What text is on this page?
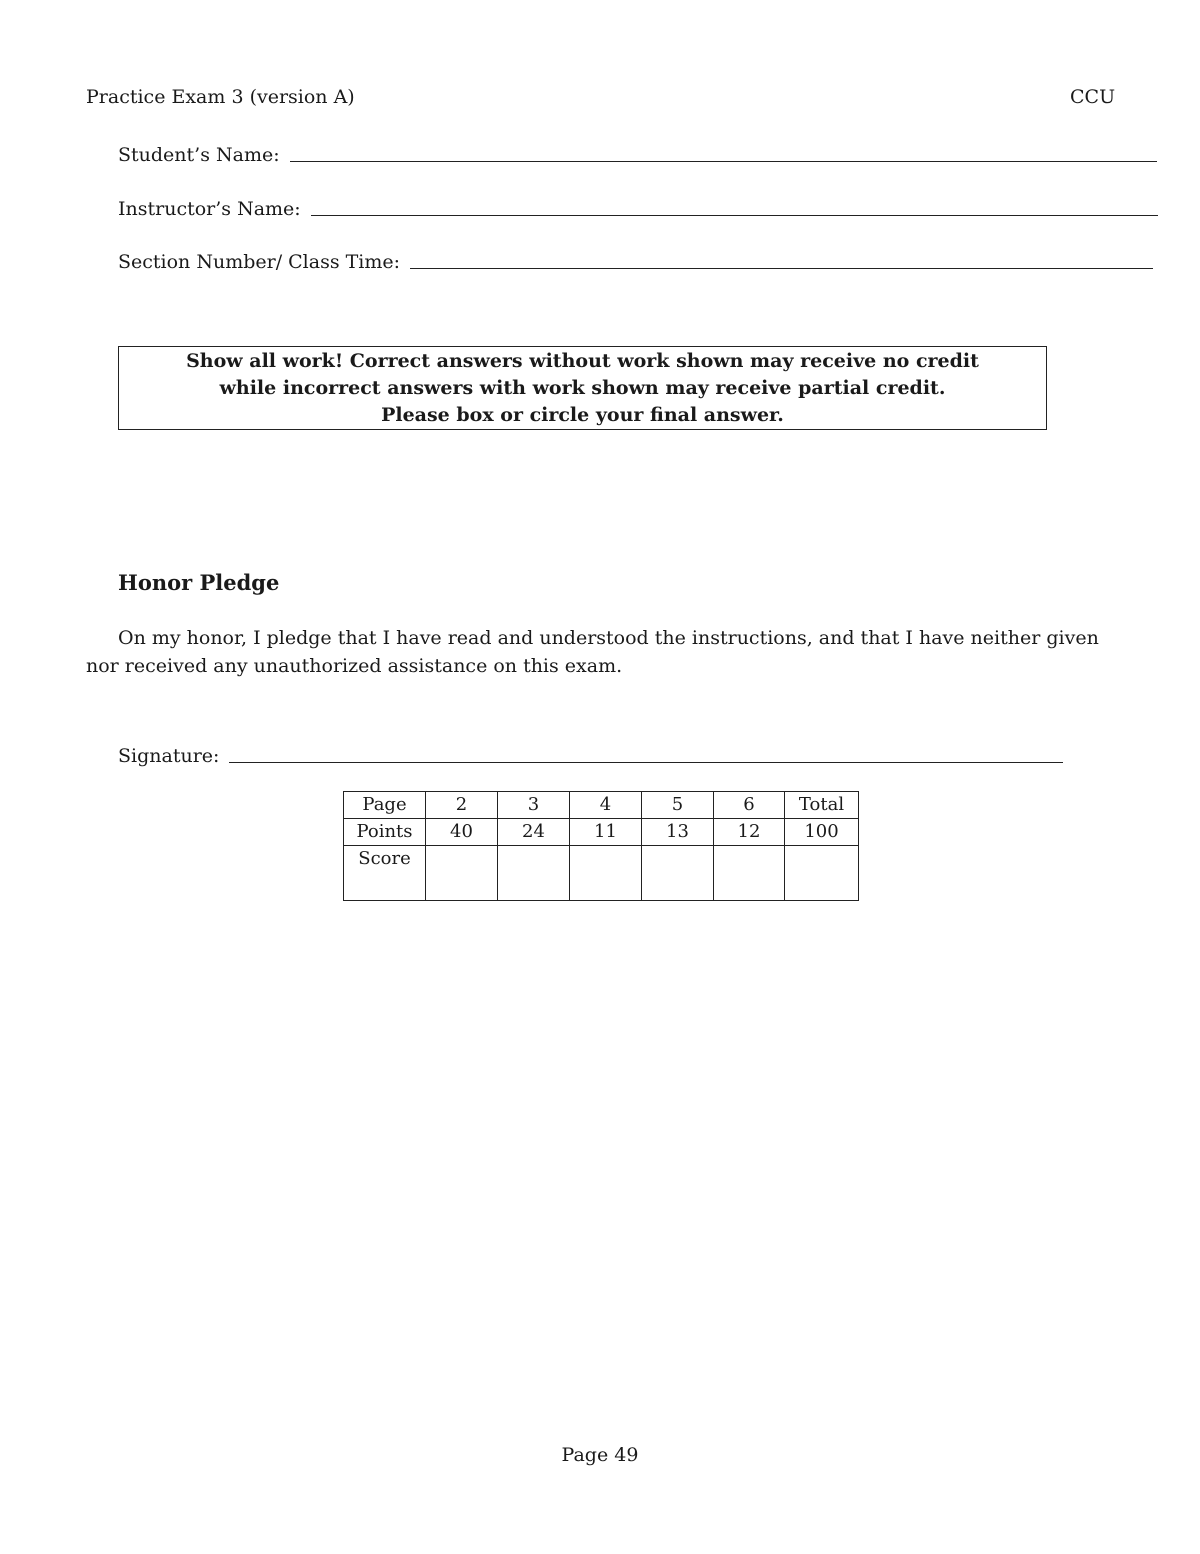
Practice Exam 3 (version A)	CCU
Student’s Name:
Instructor’s Name:
Section Number/ Class Time:
Show all work! Correct answers without work shown may receive no credit
while incorrect answers with work shown may receive partial credit.
Please box or circle your final answer.
Honor Pledge
On my honor, I pledge that I have read and understood the instructions, and that I have neither given nor received any unauthorized assistance on this exam.
Signature:
Page	2	3	4	5	6	Total
Points	40	24	11	13	12	100
Score						
Page 49
